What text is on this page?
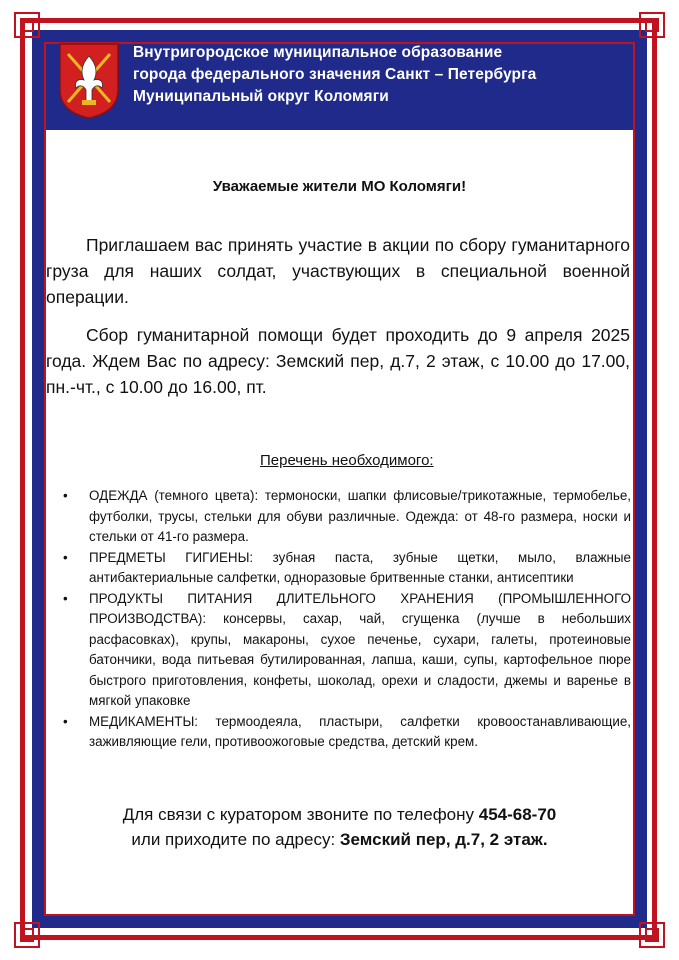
Внутригородское муниципальное образование
города федерального значения Санкт – Петербурга
Муниципальный округ Коломяги
Уважаемые жители МО Коломяги!

Приглашаем вас принять участие в акции по сбору гуманитарного груза для наших солдат, участвующих в специальной военной операции.

Сбор гуманитарной помощи будет проходить до 9 апреля 2025 года. Ждем Вас по адресу: Земский пер, д.7, 2 этаж, с 10.00 до 17.00, пн.-чт., с 10.00 до 16.00, пт.

Перечень необходимого:
• ОДЕЖДА (темного цвета): термоноски, шапки флисовые/трикотажные, термобелье, футболки, трусы, стельки для обуви различные. Одежда: от 48-го размера, носки и стельки от 41-го размера.
• ПРЕДМЕТЫ ГИГИЕНЫ: зубная паста, зубные щетки, мыло, влажные антибактериальные салфетки, одноразовые бритвенные станки, антисептики
• ПРОДУКТЫ ПИТАНИЯ ДЛИТЕЛЬНОГО ХРАНЕНИЯ (ПРОМЫШЛЕННОГО ПРОИЗВОДСТВА): консервы, сахар, чай, сгущенка (лучше в небольших расфасовках), крупы, макароны, сухое печенье, сухари, галеты, протеиновые батончики, вода питьевая бутилированная, лапша, каши, супы, картофельное пюре быстрого приготовления, конфеты, шоколад, орехи и сладости, джемы и варенье в мягкой упаковке
• МЕДИКАМЕНТЫ: термоодеяла, пластыри, салфетки кровоостанавливающие, заживляющие гели, противоожоговые средства, детский крем.
Для связи с куратором звоните по телефону 454-68-70
или приходите по адресу: Земский пер, д.7, 2 этаж.
